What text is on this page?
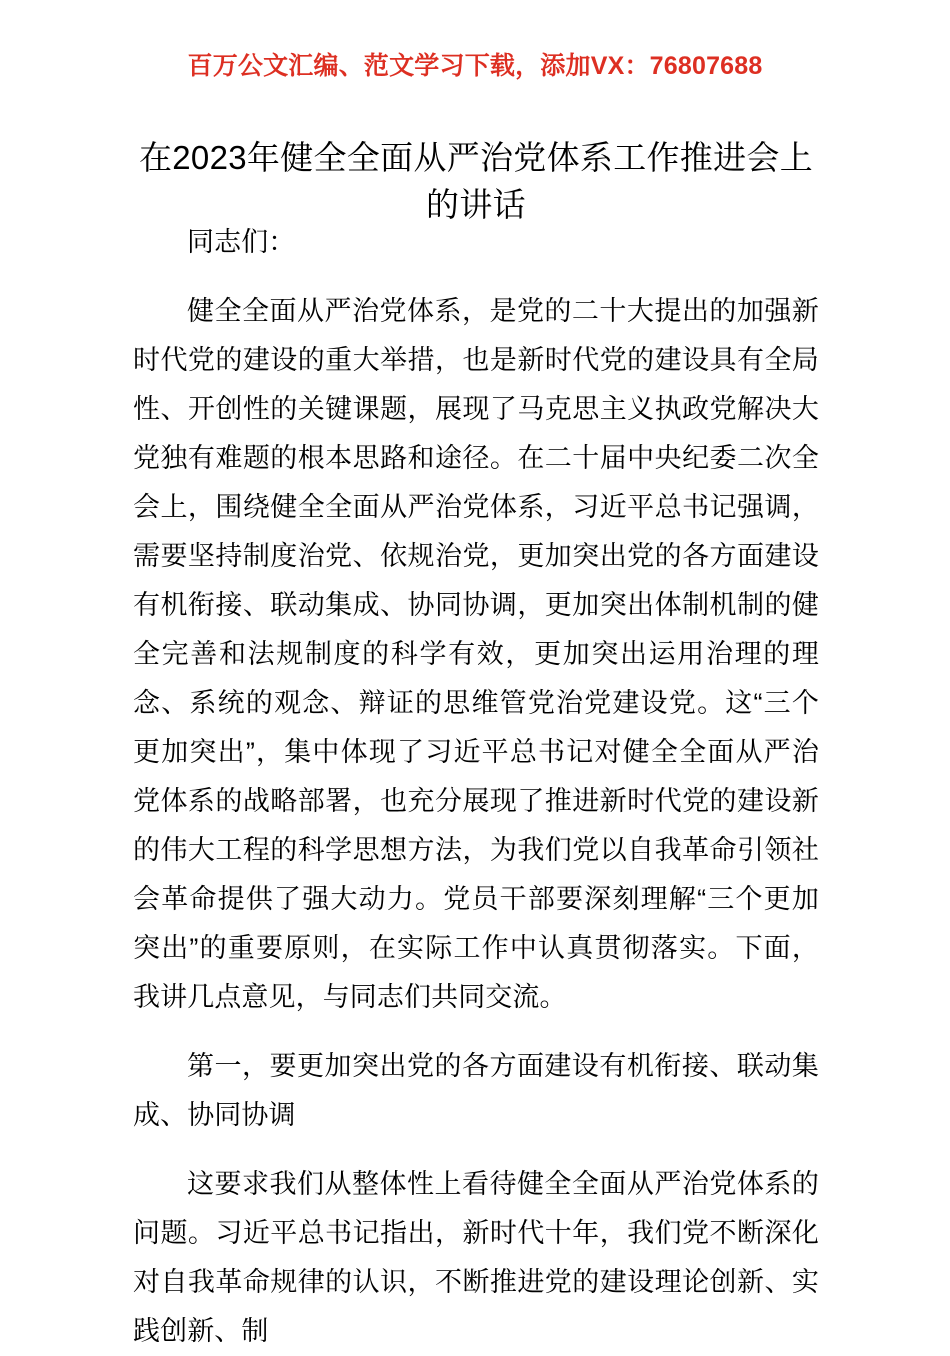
百万公文汇编、范文学习下载，添加VX：76807688
在2023年健全全面从严治党体系工作推进会上的讲话

同志们：

健全全面从严治党体系，是党的二十大提出的加强新时代党的建设的重大举措，也是新时代党的建设具有全局性、开创性的关键课题，展现了马克思主义执政党解决大党独有难题的根本思路和途径。在二十届中央纪委二次全会上，围绕健全全面从严治党体系，习近平总书记强调，需要坚持制度治党、依规治党，更加突出党的各方面建设有机衔接、联动集成、协同协调，更加突出体制机制的健全完善和法规制度的科学有效，更加突出运用治理的理念、系统的观念、辩证的思维管党治党建设党。这“三个更加突出”，集中体现了习近平总书记对健全全面从严治党体系的战略部署，也充分展现了推进新时代党的建设新的伟大工程的科学思想方法，为我们党以自我革命引领社会革命提供了强大动力。党员干部要深刻理解“三个更加突出”的重要原则，在实际工作中认真贯彻落实。下面，我讲几点意见，与同志们共同交流。

第一，要更加突出党的各方面建设有机衔接、联动集成、协同协调

这要求我们从整体性上看待健全全面从严治党体系的问题。习近平总书记指出，新时代十年，我们党不断深化对自我革命规律的认识，不断推进党的建设理论创新、实践创新、制
